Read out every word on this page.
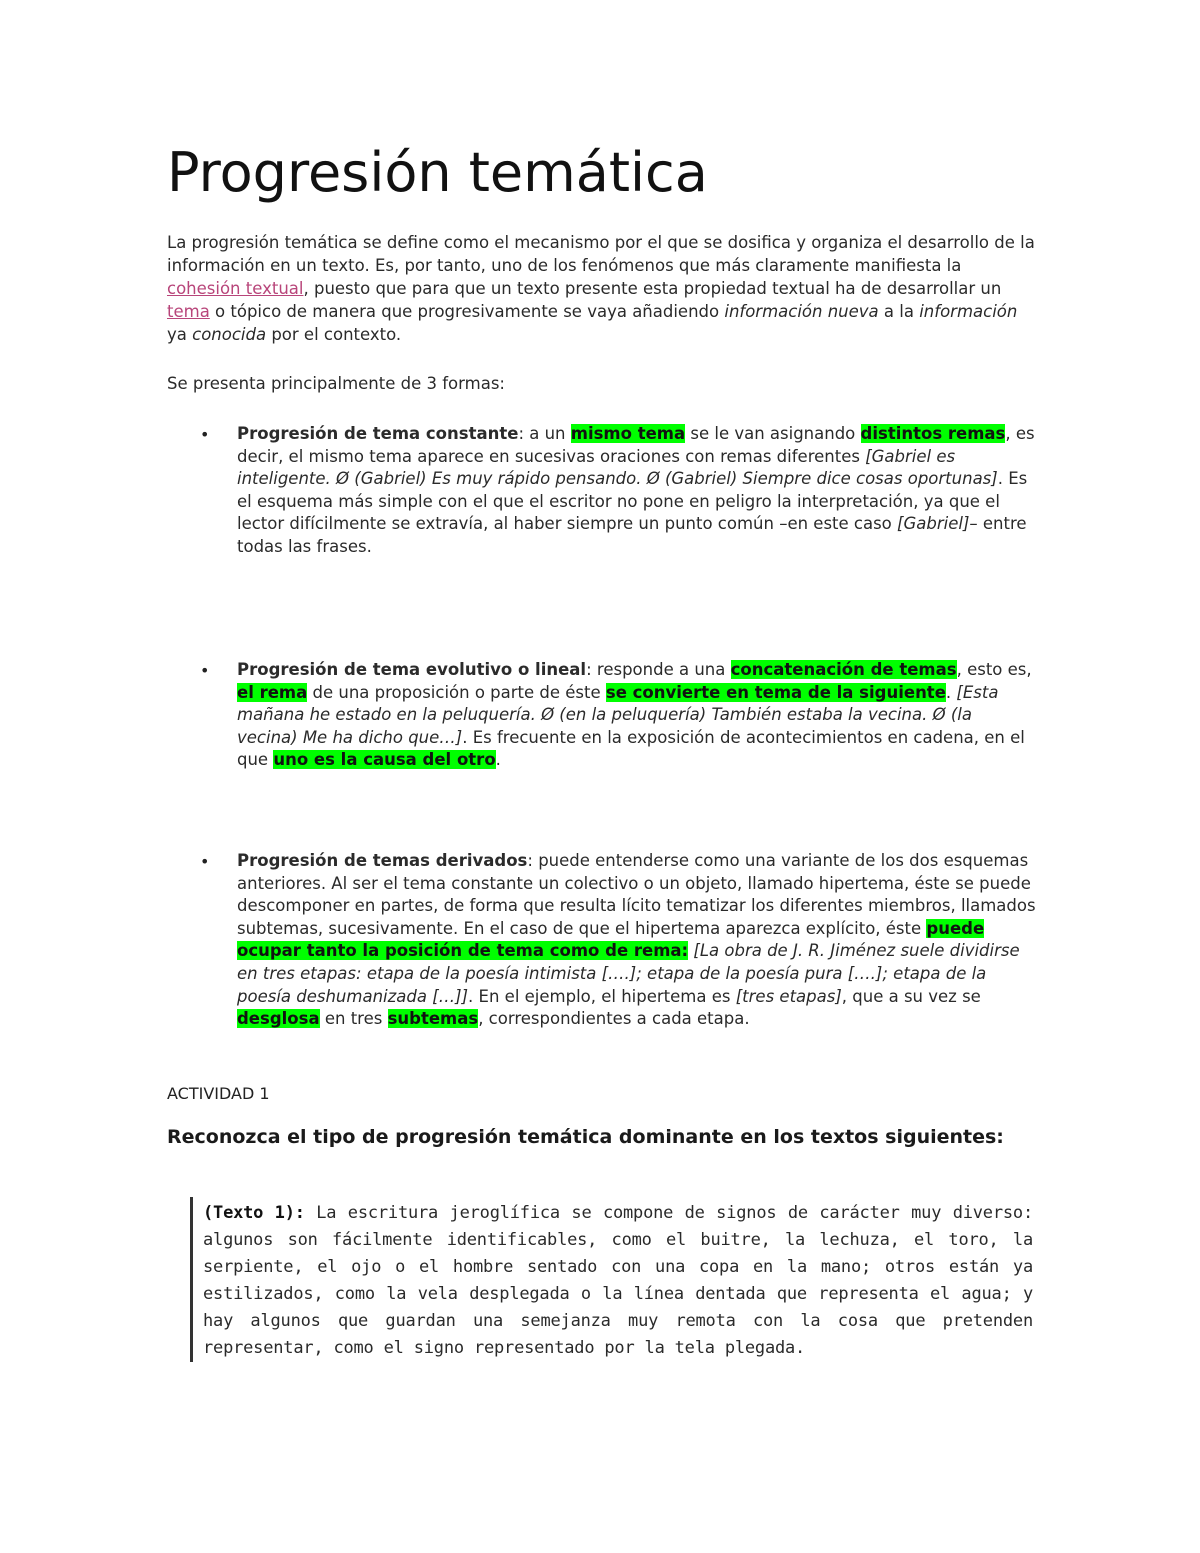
Progresión temática

La progresión temática se define como el mecanismo por el que se dosifica y organiza el desarrollo de la información en un texto. Es, por tanto, uno de los fenómenos que más claramente manifiesta la cohesión textual, puesto que para que un texto presente esta propiedad textual ha de desarrollar un tema o tópico de manera que progresivamente se vaya añadiendo información nueva a la información ya conocida por el contexto.

Se presenta principalmente de 3 formas:

• Progresión de tema constante: a un mismo tema se le van asignando distintos remas, es decir, el mismo tema aparece en sucesivas oraciones con remas diferentes [Gabriel es inteligente. Ø (Gabriel) Es muy rápido pensando. Ø (Gabriel) Siempre dice cosas oportunas]. Es el esquema más simple con el que el escritor no pone en peligro la interpretación, ya que el lector difícilmente se extravía, al haber siempre un punto común –en este caso [Gabriel]– entre todas las frases.

• Progresión de tema evolutivo o lineal: responde a una concatenación de temas, esto es, el rema de una proposición o parte de éste se convierte en tema de la siguiente. [Esta mañana he estado en la peluquería. Ø (en la peluquería) También estaba la vecina. Ø (la vecina) Me ha dicho que…]. Es frecuente en la exposición de acontecimientos en cadena, en el que uno es la causa del otro.

• Progresión de temas derivados: puede entenderse como una variante de los dos esquemas anteriores. Al ser el tema constante un colectivo o un objeto, llamado hipertema, éste se puede descomponer en partes, de forma que resulta lícito tematizar los diferentes miembros, llamados subtemas, sucesivamente. En el caso de que el hipertema aparezca explícito, éste puede ocupar tanto la posición de tema como de rema: [La obra de J. R. Jiménez suele dividirse en tres etapas: etapa de la poesía intimista [….]; etapa de la poesía pura [….]; etapa de la poesía deshumanizada […]]. En el ejemplo, el hipertema es [tres etapas], que a su vez se desglosa en tres subtemas, correspondientes a cada etapa.

ACTIVIDAD 1

Reconozca el tipo de progresión temática dominante en los textos siguientes:

(Texto 1): La escritura jeroglífica se compone de signos de carácter muy diverso: algunos son fácilmente identificables, como el buitre, la lechuza, el toro, la serpiente, el ojo o el hombre sentado con una copa en la mano; otros están ya estilizados, como la vela desplegada o la línea dentada que representa el agua; y hay algunos que guardan una semejanza muy remota con la cosa que pretenden representar, como el signo representado por la tela plegada.
